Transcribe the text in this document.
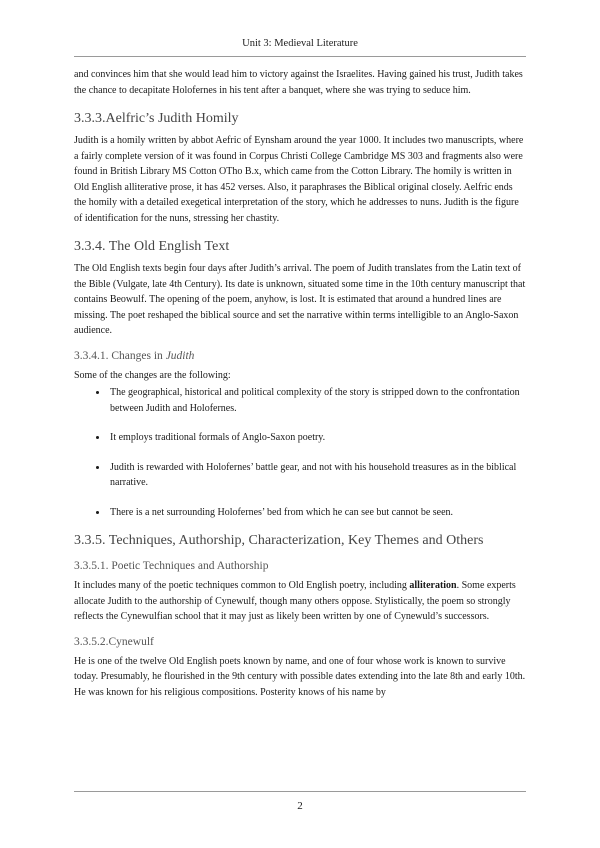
Unit 3: Medieval Literature

and convinces him that she would lead him to victory against the Israelites. Having gained his trust, Judith takes the chance to decapitate Holofernes in his tent after a banquet, where she was trying to seduce him.

3.3.3.Aelfric’s Judith Homily

Judith is a homily written by abbot Aefric of Eynsham around the year 1000. It includes two manuscripts, where a fairly complete version of it was found in Corpus Christi College Cambridge MS 303 and fragments also were found in British Library MS Cotton OTho B.x, which came from the Cotton Library. The homily is written in Old English alliterative prose, it has 452 verses. Also, it paraphrases the Biblical original closely. Aelfric ends the homily with a detailed exegetical interpretation of the story, which he addresses to nuns. Judith is the figure of identification for the nuns, stressing her chastity.

3.3.4. The Old English Text

The Old English texts begin four days after Judith’s arrival. The poem of Judith translates from the Latin text of the Bible (Vulgate, late 4th Century). Its date is unknown, situated some time in the 10th century manuscript that contains Beowulf. The opening of the poem, anyhow, is lost. It is estimated that around a hundred lines are missing. The poet reshaped the biblical source and set the narrative within terms intelligible to an Anglo-Saxon audience.

3.3.4.1. Changes in Judith

Some of the changes are the following:

• The geographical, historical and political complexity of the story is stripped down to the confrontation between Judith and Holofernes.
• It employs traditional formals of Anglo-Saxon poetry.
• Judith is rewarded with Holofernes’ battle gear, and not with his household treasures as in the biblical narrative.
• There is a net surrounding Holofernes’ bed from which he can see but cannot be seen.
3.3.5. Techniques, Authorship, Characterization, Key Themes and Others
3.3.5.1. Poetic Techniques and Authorship

It includes many of the poetic techniques common to Old English poetry, including alliteration. Some experts allocate Judith to the authorship of Cynewulf, though many others oppose. Stylistically, the poem so strongly reflects the Cynewulfian school that it may just as likely been written by one of Cynewuld’s successors.

3.3.5.2.Cynewulf

He is one of the twelve Old English poets known by name, and one of four whose work is known to survive today. Presumably, he flourished in the 9th century with possible dates extending into the late 8th and early 10th. He was known for his religious compositions. Posterity knows of his name by

2
